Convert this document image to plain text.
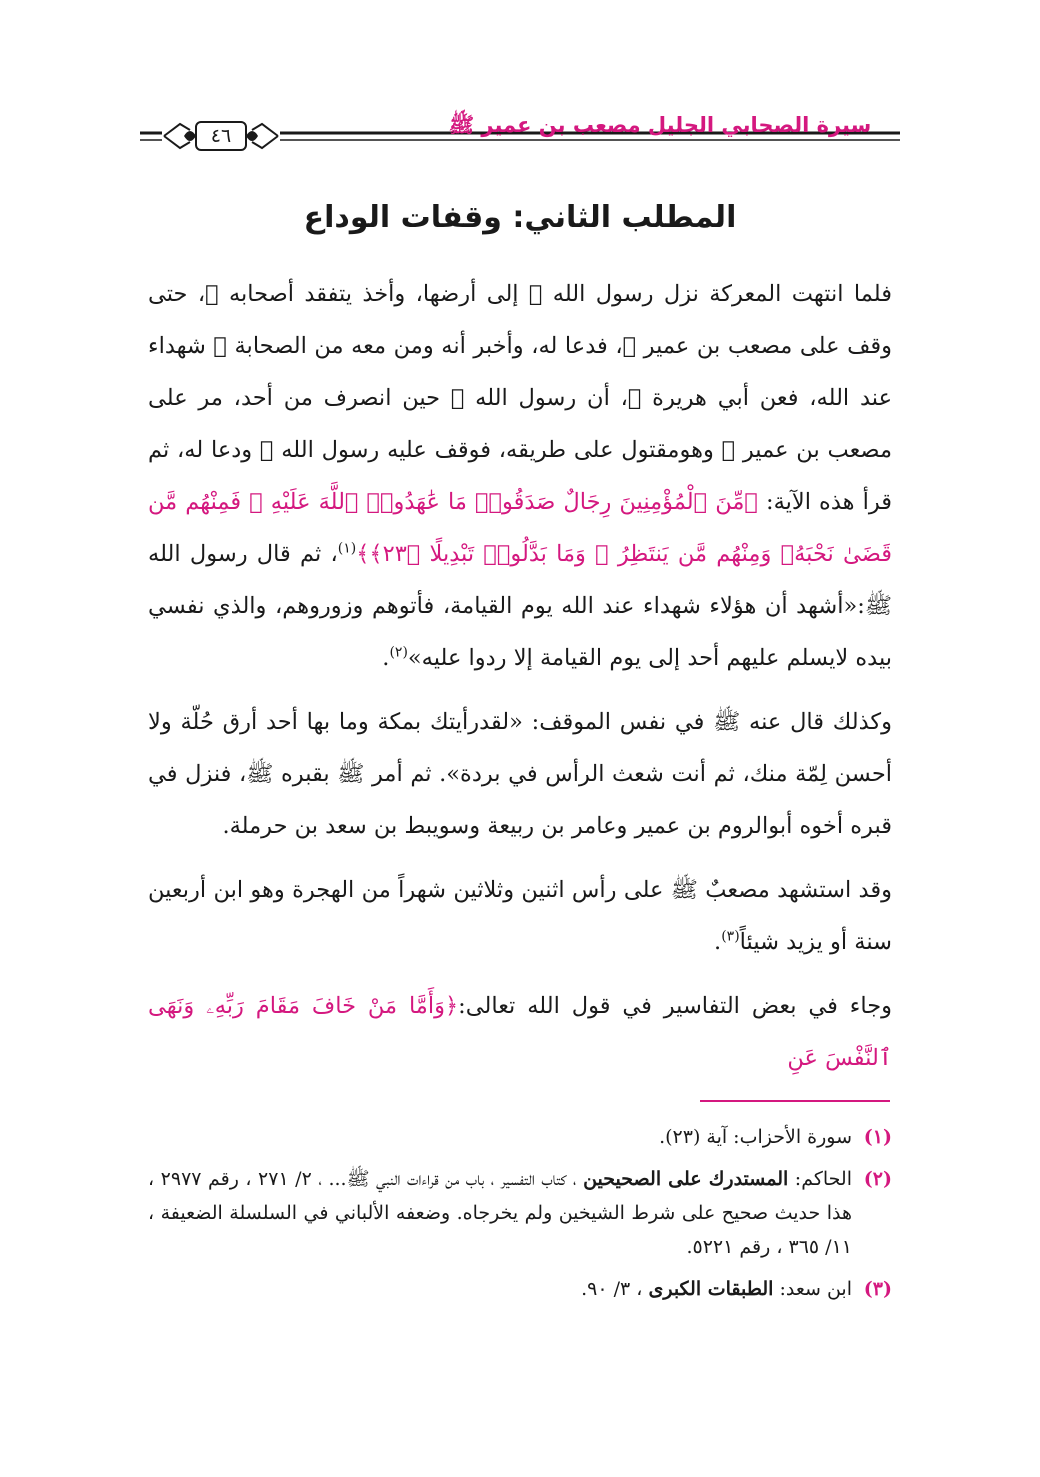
٤٦	سيرة الصحابي الجليل مصعب بن عمير ﷺ
المطلب الثاني: وقفات الوداع

فلما انتهت المعركة نزل رسول الله ﷺ إلى أرضها، وأخذ يتفقد أصحابه ﷺ، حتى وقف على مصعب بن عمير ﷺ، فدعا له، وأخبر أنه ومن معه من الصحابة ﷺ شهداء عند الله، فعن أبي هريرة ﷺ، أن رسول الله ﷺ حين انصرف من أحد، مر على مصعب بن عمير ﷺ وهومقتول على طريقه، فوقف عليه رسول الله ﷺ ودعا له، ثم قرأ هذه الآية: ﴿مِّنَ ٱلْمُؤْمِنِينَ رِجَالٌ صَدَقُوا۟ مَا عَٰهَدُوا۟ ٱللَّهَ عَلَيْهِ ۖ فَمِنْهُم مَّن قَضَىٰ نَحْبَهُۥ وَمِنْهُم مَّن يَنتَظِرُ ۖ وَمَا بَدَّلُوا۟ تَبْدِيلًا ﴿٢٣﴾﴾$^{(١)}$، ثم قال رسول الله ﷺ:«أشهد أن هؤلاء شهداء عند الله يوم القيامة، فأتوهم وزوروهم، والذي نفسي بيده لايسلم عليهم أحد إلى يوم القيامة إلا ردوا عليه»$^{(٢)}$.

وكذلك قال عنه ﷺ في نفس الموقف: «لقدرأيتك بمكة وما بها أحد أرق حُلّة ولا أحسن لِمّة منك، ثم أنت شعث الرأس في بردة». ثم أمر ﷺ بقبره ﷺ، فنزل في قبره أخوه أبوالروم بن عمير وعامر بن ربيعة وسويبط بن سعد بن حرملة.

وقد استشهد مصعبٌ ﷺ على رأس اثنين وثلاثين شهراً من الهجرة وهو ابن أربعين سنة أو يزيد شيئاً$^{(٣)}$.

وجاء في بعض التفاسير في قول الله تعالى:﴿وَأَمَّا مَنْ خَافَ مَقَامَ رَبِّهِۦ وَنَهَى ٱلنَّفْسَ عَنِ

(١)
سورة الأحزاب: آية (٢٣).
(٢)
الحاكم: المستدرك على الصحيحين ، كتاب التفسير ، باب من قراءات النبي ﷺ... ، ٢/ ٢٧١ ، رقم ٢٩٧٧ ، هذا حديث صحيح على شرط الشيخين ولم يخرجاه. وضعفه الألباني في السلسلة الضعيفة ، ١١/ ٣٦٥ ، رقم ٥٢٢١.
(٣)
ابن سعد: الطبقات الكبرى ، ٣/ ٩٠.
